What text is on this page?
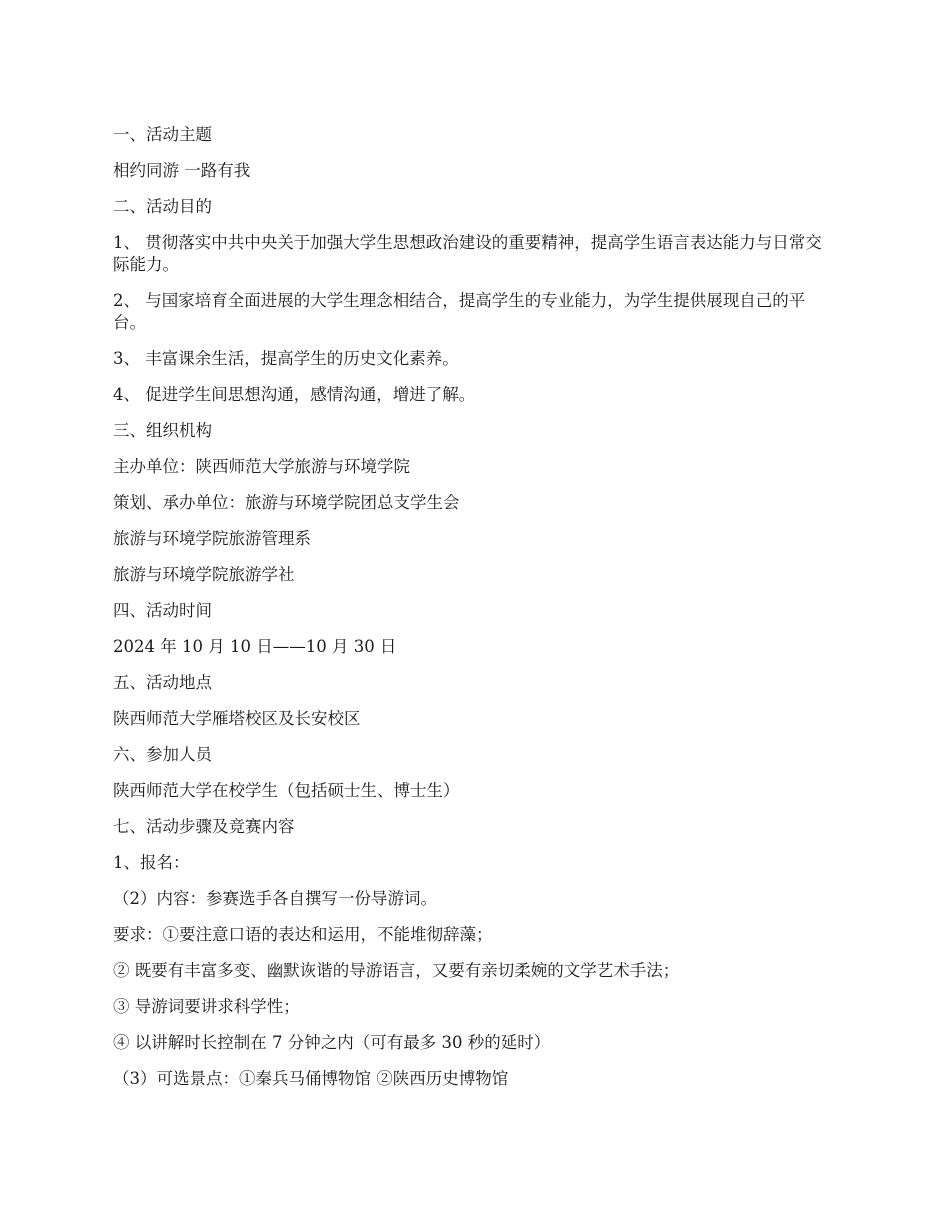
一、活动主题

相约同游 一路有我

二、活动目的

1、 贯彻落实中共中央关于加强大学生思想政治建设的重要精神，提高学生语言表达能力与日常交际能力。

2、 与国家培育全面进展的大学生理念相结合，提高学生的专业能力，为学生提供展现自己的平台。

3、 丰富课余生活，提高学生的历史文化素养。

4、 促进学生间思想沟通，感情沟通，增进了解。

三、组织机构

主办单位：陕西师范大学旅游与环境学院

策划、承办单位：旅游与环境学院团总支学生会

旅游与环境学院旅游管理系

旅游与环境学院旅游学社

四、活动时间

2024 年 10 月 10 日——10 月 30 日

五、活动地点

陕西师范大学雁塔校区及长安校区

六、参加人员

陕西师范大学在校学生（包括硕士生、博士生）

七、活动步骤及竞赛内容

1、报名：

（2）内容：参赛选手各自撰写一份导游词。

要求：①要注意口语的表达和运用，不能堆彻辞藻；

② 既要有丰富多变、幽默诙谐的导游语言，又要有亲切柔婉的文学艺术手法；

③ 导游词要讲求科学性；

④ 以讲解时长控制在 7 分钟之内（可有最多 30 秒的延时）

（3）可选景点：①秦兵马俑博物馆 ②陕西历史博物馆
